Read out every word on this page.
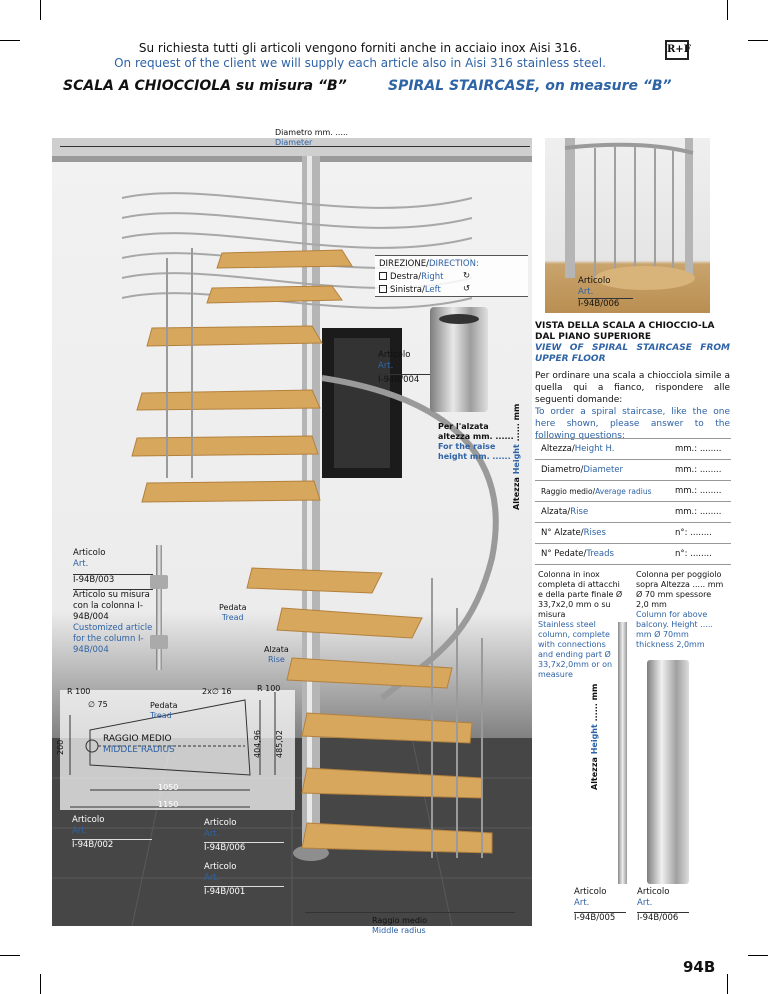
Su richiesta tutti gli articoli vengono forniti anche in acciaio inox Aisi 316.
On request of the client we will supply each article also in Aisi 316 stainless steel.
R+F
SCALA A CHIOCCIOLA su misura “B”	SPIRAL STAIRCASE, on measure “B”
Articolo
Art.
I-94B/006
Diametro mm. .....
Diameter
DIREZIONE/DIRECTION:
Destra/Right ↻
Sinistra/Left	↺
Articolo
Art.
I-94B/004
Per l'alzata
altezza mm. ......
For the raise
height mm. ......
Altezza Height ...... mm
VISTA DELLA SCALA A CHIOCCIO-LA DAL PIANO SUPERIORE
VIEW OF SPIRAL STAIRCASE FROM UPPER FLOOR
Per ordinare una scala a chiocciola simile a quella qui a fianco, rispondere alle seguenti domande:
To order a spiral staircase, like the one here shown, please answer to the following questions:
Altezza/Height H.	mm.: ........
Diametro/Diameter	mm.: ........
Raggio medio/Average radius	mm.: ........
Alzata/Rise	mm.: ........
N° Alzate/Rises	n°: ........
N° Pedate/Treads	n°: ........
Colonna in inox completa di attacchi e della parte finale Ø 33,7x2,0 mm o su misura
Stainless steel column, complete with connections and ending part Ø 33,7x2,0mm or on measure
Colonna per poggiolo sopra Altezza ..... mm Ø 70 mm spessore 2,0 mm
Column for above balcony. Height ..... mm Ø 70mm thickness 2,0mm
Altezza Height ...... mm
Articolo
Art.
I-94B/003
Articolo su misura con la colonna I-94B/004
Customized article for the column I-94B/004
Pedata
Tread
Alzata
Rise
R 100	2x∅ 16	R 100
∅ 75	Pedata
Tread
RAGGIO MEDIO
MIDDLE RADIUS
200	404,96 485,02
1050
1150
Articolo
Art.
I-94B/002
Articolo
Art.
I-94B/006
Articolo
Art.
I-94B/001
Raggio medio
Middle radius
Articolo
Art.
I-94B/005
Articolo
Art.
I-94B/006
94B
